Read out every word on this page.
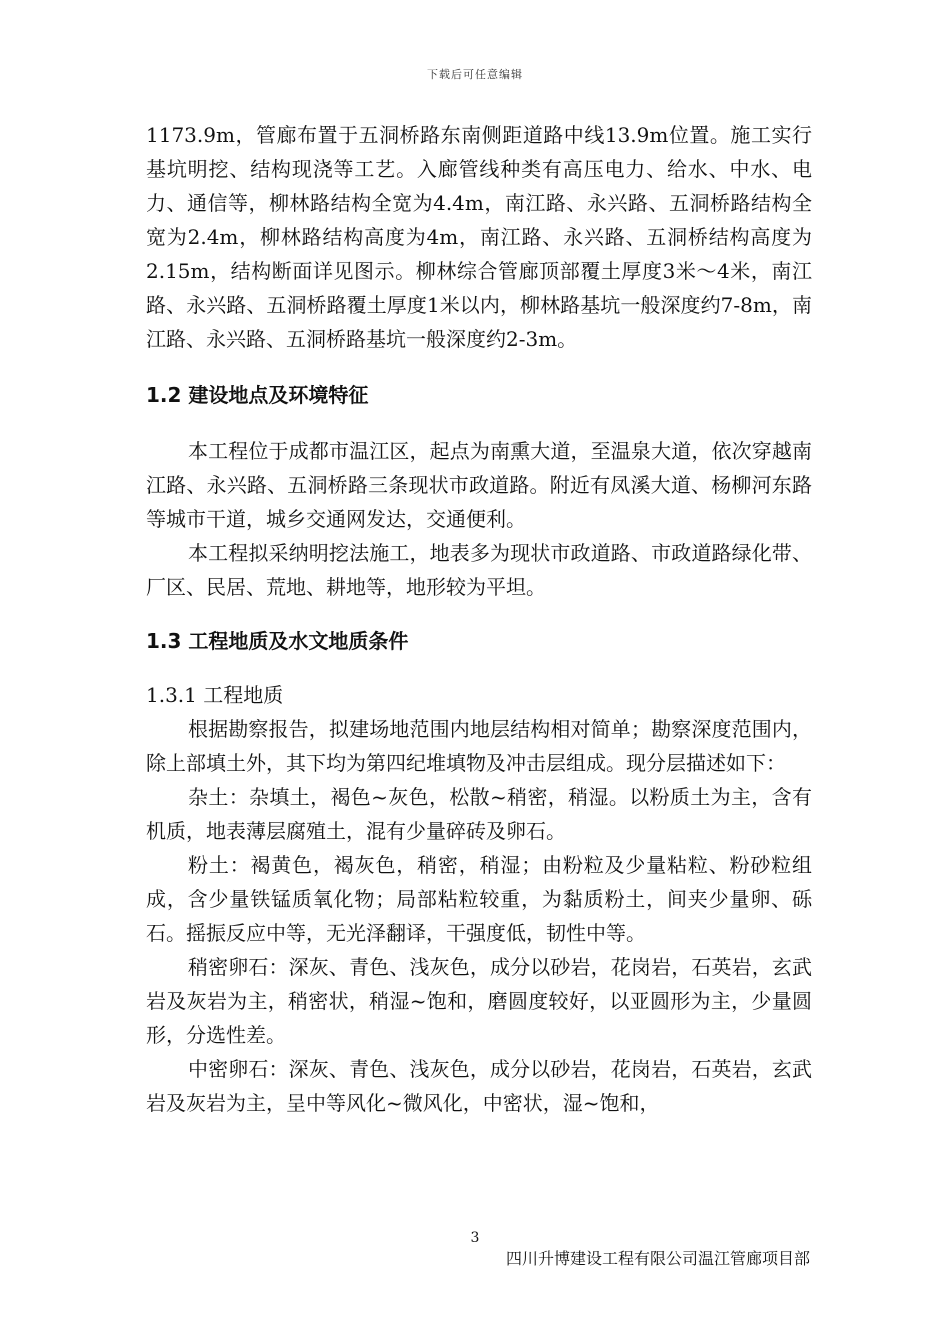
下载后可任意编辑

1173.9m，管廊布置于五洞桥路东南侧距道路中线13.9m位置。施工实行基坑明挖、结构现浇等工艺。入廊管线种类有高压电力、给水、中水、电力、通信等，柳林路结构全宽为4.4m，南江路、永兴路、五洞桥路结构全宽为2.4m，柳林路结构高度为4m，南江路、永兴路、五洞桥结构高度为2.15m，结构断面详见图示。柳林综合管廊顶部覆土厚度3米～4米，南江路、永兴路、五洞桥路覆土厚度1米以内，柳林路基坑一般深度约7-8m，南江路、永兴路、五洞桥路基坑一般深度约2-3m。

1.2 建设地点及环境特征

本工程位于成都市温江区，起点为南熏大道，至温泉大道，依次穿越南江路、永兴路、五洞桥路三条现状市政道路。附近有凤溪大道、杨柳河东路等城市干道，城乡交通网发达，交通便利。

本工程拟采纳明挖法施工，地表多为现状市政道路、市政道路绿化带、厂区、民居、荒地、耕地等，地形较为平坦。

1.3 工程地质及水文地质条件

1.3.1 工程地质

根据勘察报告，拟建场地范围内地层结构相对简单；勘察深度范围内，除上部填土外，其下均为第四纪堆填物及冲击层组成。现分层描述如下：

杂土：杂填土，褐色~灰色，松散~稍密，稍湿。以粉质土为主，含有机质，地表薄层腐殖土，混有少量碎砖及卵石。

粉土：褐黄色，褐灰色，稍密，稍湿；由粉粒及少量粘粒、粉砂粒组成，含少量铁锰质氧化物；局部粘粒较重，为黏质粉土，间夹少量卵、砾石。摇振反应中等，无光泽翻译，干强度低，韧性中等。

稍密卵石：深灰、青色、浅灰色，成分以砂岩，花岗岩，石英岩，玄武岩及灰岩为主，稍密状，稍湿~饱和，磨圆度较好，以亚圆形为主，少量圆形，分选性差。

中密卵石：深灰、青色、浅灰色，成分以砂岩，花岗岩，石英岩，玄武岩及灰岩为主，呈中等风化~微风化，中密状，湿~饱和，

3
四川升博建设工程有限公司温江管廊项目部
